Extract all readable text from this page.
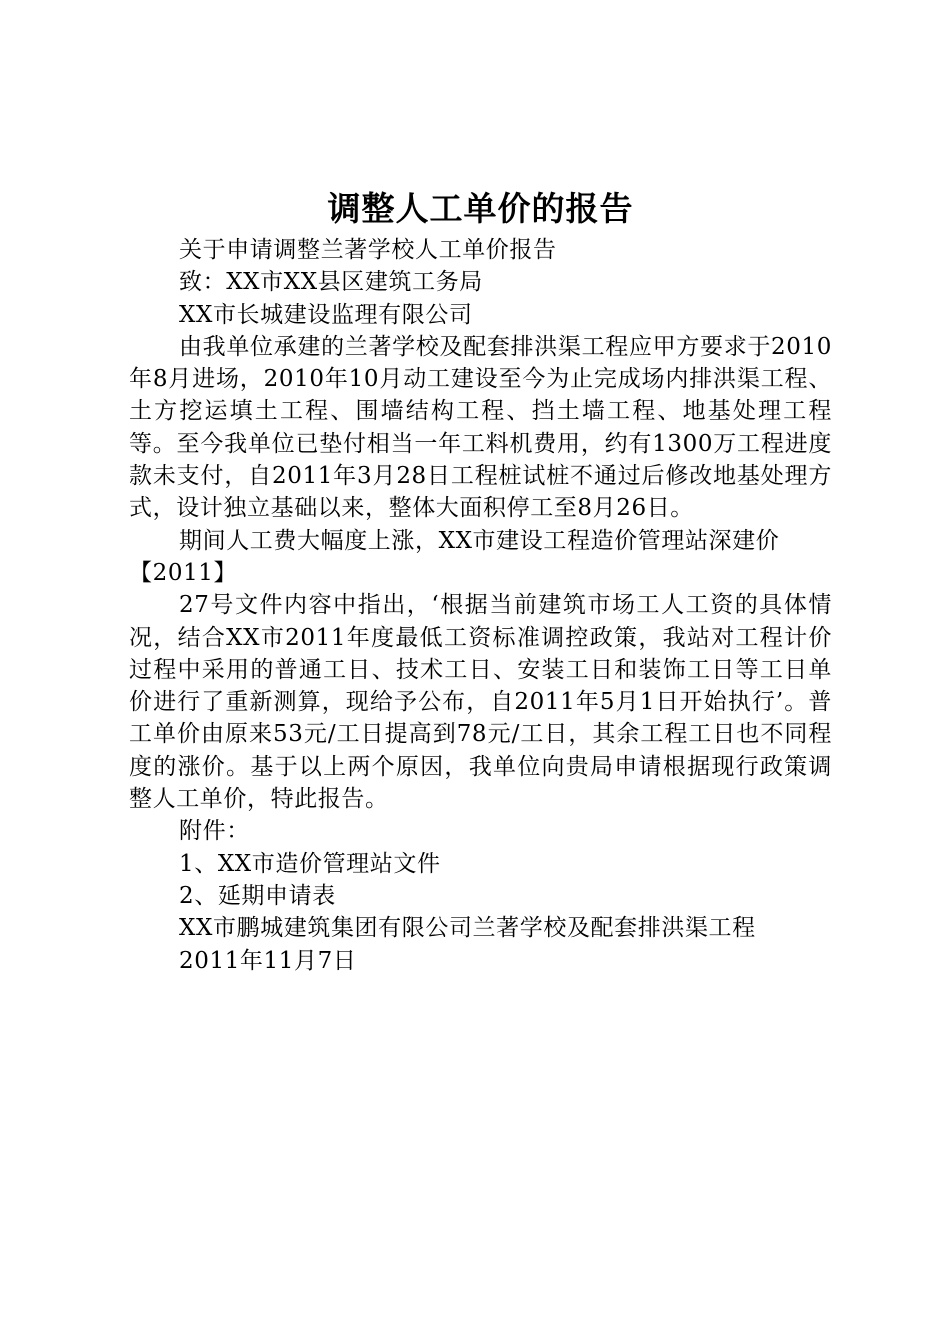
调整人工单价的报告

关于申请调整兰著学校人工单价报告

致：XX市XX县区建筑工务局

XX市长城建设监理有限公司

由我单位承建的兰著学校及配套排洪渠工程应甲方要求于2010年8月进场，2010年10月动工建设至今为止完成场内排洪渠工程、土方挖运填土工程、围墙结构工程、挡土墙工程、地基处理工程等。至今我单位已垫付相当一年工料机费用，约有1300万工程进度款未支付，自2011年3月28日工程桩试桩不通过后修改地基处理方式，设计独立基础以来，整体大面积停工至8月26日。

期间人工费大幅度上涨，XX市建设工程造价管理站深建价

【2011】

27号文件内容中指出，‘根据当前建筑市场工人工资的具体情况，结合XX市2011年度最低工资标准调控政策，我站对工程计价过程中采用的普通工日、技术工日、安装工日和装饰工日等工日单价进行了重新测算，现给予公布，自2011年5月1日开始执行’。普工单价由原来53元/工日提高到78元/工日，其余工程工日也不同程度的涨价。基于以上两个原因，我单位向贵局申请根据现行政策调整人工单价，特此报告。

附件：

1、XX市造价管理站文件

2、延期申请表

XX市鹏城建筑集团有限公司兰著学校及配套排洪渠工程

2011年11月7日
